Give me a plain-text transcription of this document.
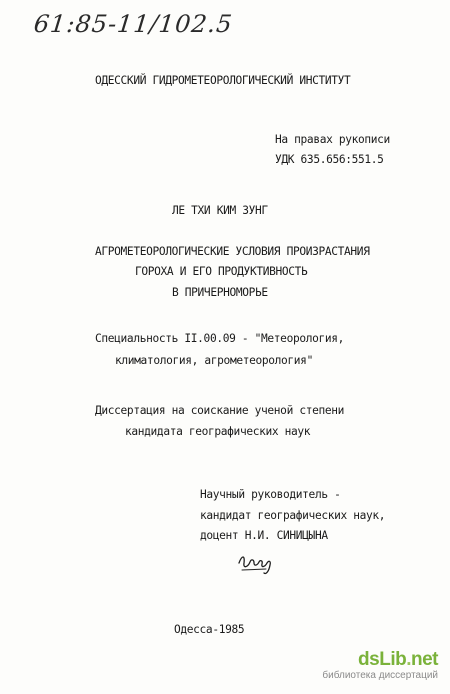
61:85-11/102.5
ОДЕССКИЙ ГИДРОМЕТЕОРОЛОГИЧЕСКИЙ ИНСТИТУТ
На правах рукописи
УДК 635.656:551.5
ЛЕ ТХИ КИМ ЗУНГ
АГРОМЕТЕОРОЛОГИЧЕСКИЕ УСЛОВИЯ ПРОИЗРАСТАНИЯ
ГОРОХА И ЕГО ПРОДУКТИВНОСТЬ
В ПРИЧЕРНОМОРЬЕ
Специальность II.00.09 - "Метеорология,
климатология, агрометеорология"
Диссертация на соискание ученой степени
кандидата географических наук
Научный руководитель -
кандидат географических наук,
доцент Н.И. СИНИЦЫНА
Одесса-1985
dsLib.net
библиотека диссертаций
